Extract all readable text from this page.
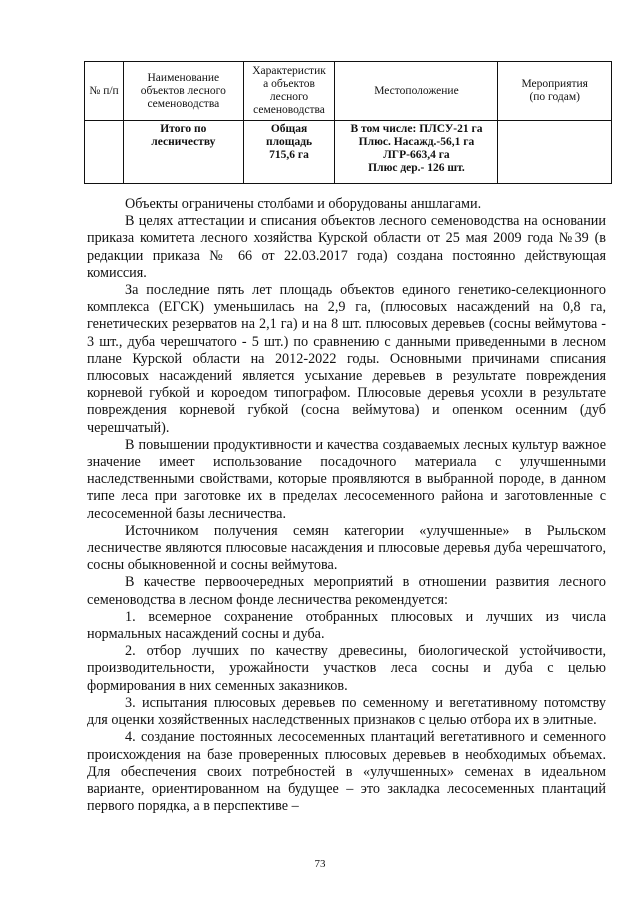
№ п/п	Наименование
объектов лесного
семеноводства	Характеристик
а объектов
лесного
семеноводства	Местоположение	Мероприятия
(по годам)

	Итого по
лесничеству	Общая
площадь
715,6 га	В том числе: ПЛСУ-21 га
Плюс. Насажд.-56,1 га
ЛГР-663,4 га
Плюс дер.- 126 шт.	

Объекты ограничены столбами и оборудованы аншлагами.

В целях аттестации и списания объектов лесного семеноводства на основании приказа комитета лесного хозяйства Курской области от 25 мая 2009 года №39 (в редакции приказа № 66 от 22.03.2017 года) создана постоянно действующая комиссия.

За последние пять лет площадь объектов единого генетико-селекционного комплекса (ЕГСК) уменьшилась на 2,9 га, (плюсовых насаждений на 0,8 га, генетических резерватов на 2,1 га) и на 8 шт. плюсовых деревьев (сосны веймутова - 3 шт., дуба черешчатого - 5 шт.) по сравнению с данными приведенными в лесном плане Курской области на 2012-2022 годы. Основными причинами списания плюсовых насаждений является усыхание деревьев в результате повреждения корневой губкой и короедом типографом. Плюсовые деревья усохли в результате повреждения корневой губкой (сосна веймутова) и опенком осенним (дуб черешчатый).

В повышении продуктивности и качества создаваемых лесных культур важное значение имеет использование посадочного материала с улучшенными наследственными свойствами, которые проявляются в выбранной породе, в данном типе леса при заготовке их в пределах лесосеменного района и заготовленные с лесосеменной базы лесничества.

Источником получения семян категории «улучшенные» в Рыльском лесничестве являются плюсовые насаждения и плюсовые деревья дуба черешчатого, сосны обыкновенной и сосны веймутова.

В качестве первоочередных мероприятий в отношении развития лесного семеноводства в лесном фонде лесничества рекомендуется:

1. всемерное сохранение отобранных плюсовых и лучших из числа нормальных насаждений сосны и дуба.

2. отбор лучших по качеству древесины, биологической устойчивости, производительности, урожайности участков леса сосны и дуба с целью формирования в них семенных заказников.

3. испытания плюсовых деревьев по семенному и вегетативному потомству для оценки хозяйственных наследственных признаков с целью отбора их в элитные.

4. создание постоянных лесосеменных плантаций вегетативного и семенного происхождения на базе проверенных плюсовых деревьев в необходимых объемах. Для обеспечения своих потребностей в «улучшенных» семенах в идеальном варианте, ориентированном на будущее – это закладка лесосеменных плантаций первого порядка, а в перспективе –

73
